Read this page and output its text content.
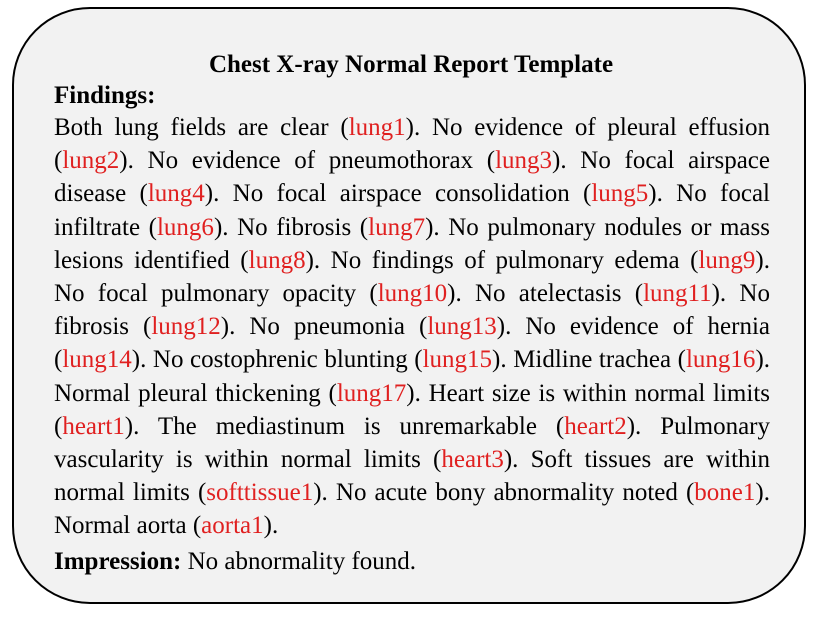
Chest X-ray Normal Report Template
Findings:
Both lung fields are clear (lung1). No evidence of pleural effusion (lung2). No evidence of pneumothorax (lung3). No focal airspace disease (lung4). No focal airspace consolidation (lung5). No focal infiltrate (lung6). No fibrosis (lung7). No pulmonary nodules or mass lesions identified (lung8). No findings of pulmonary edema (lung9). No focal pulmonary opacity (lung10). No atelectasis (lung11). No fibrosis (lung12). No pneumonia (lung13). No evidence of hernia (lung14). No costophrenic blunting (lung15). Midline trachea (lung16). Normal pleural thickening (lung17). Heart size is within normal limits (heart1). The mediastinum is unremarkable (heart2). Pulmonary vascularity is within normal limits (heart3). Soft tissues are within normal limits (softtissue1). No acute bony abnormality noted (bone1). Normal aorta (aorta1).
Impression: No abnormality found.
